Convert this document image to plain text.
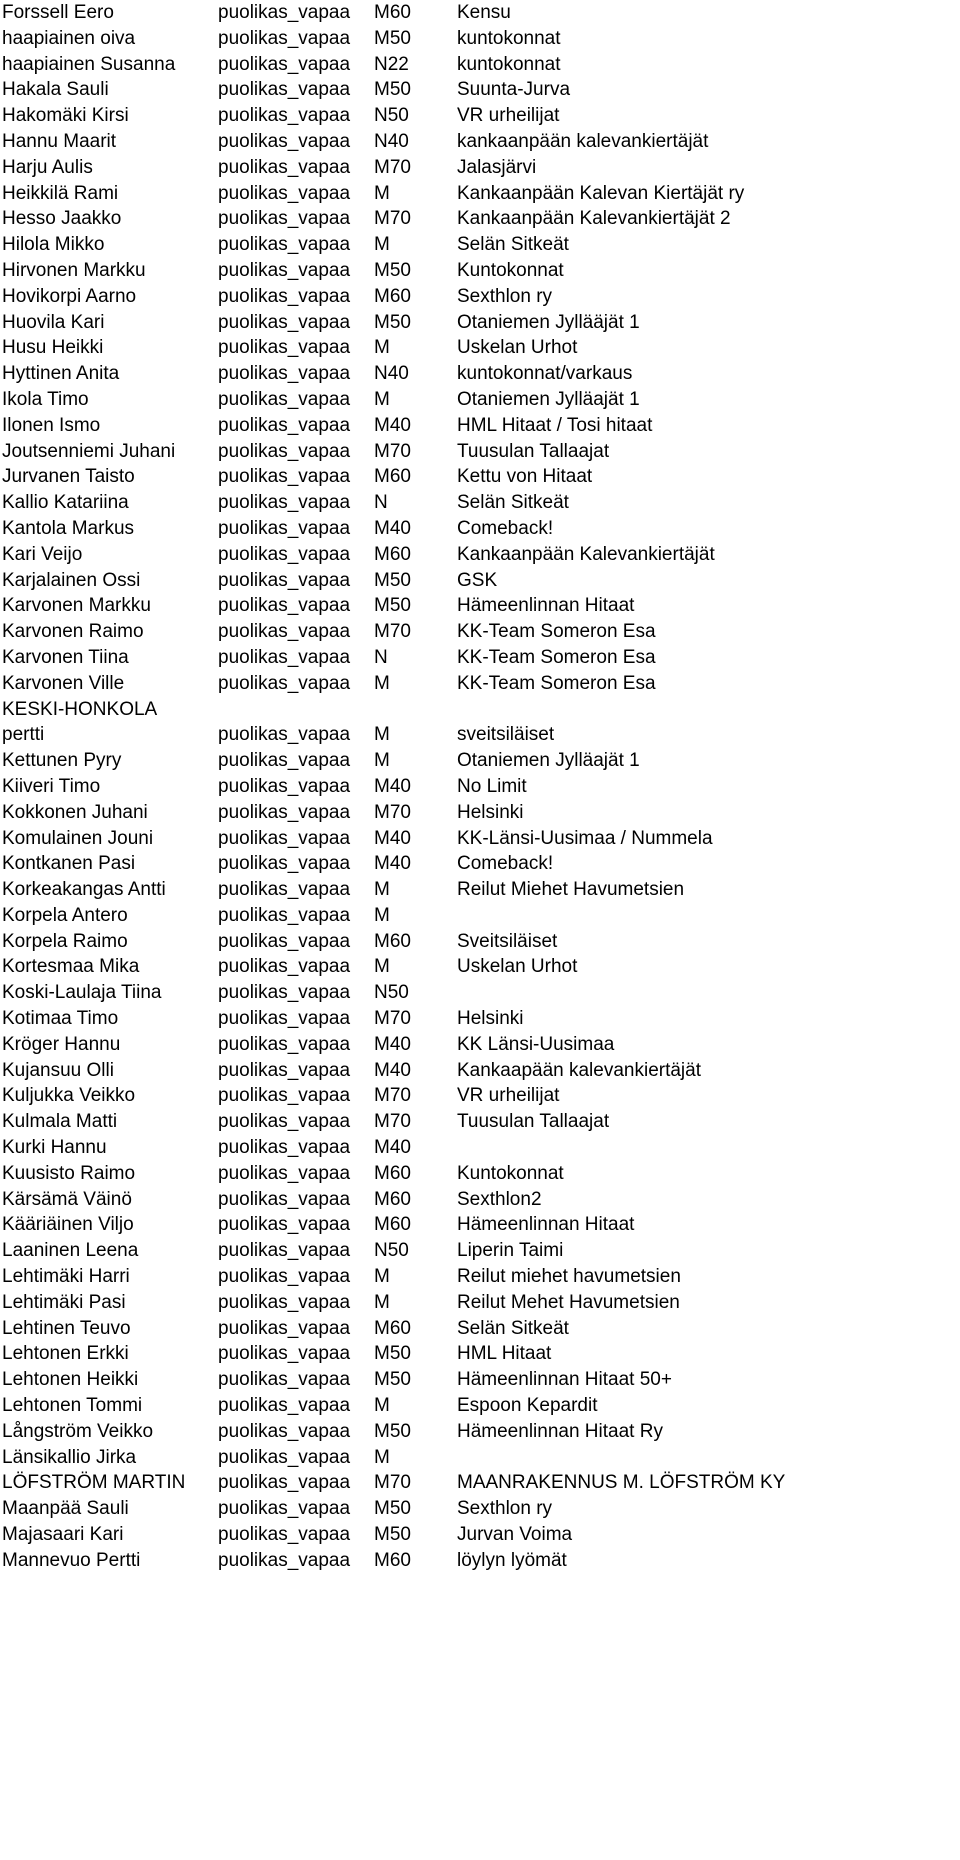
Forssell Eero	puolikas_vapaa M60 Kensu
haapiainen oiva	puolikas_vapaa M50 kuntokonnat
haapiainen Susanna puolikas_vapaa N22	kuntokonnat
Hakala Sauli	puolikas_vapaa M50 Suunta-Jurva
Hakomäki Kirsi	puolikas_vapaa N50	VR urheilijat
Hannu Maarit	puolikas_vapaa N40	kankaanpään kalevankiertäjät
Harju Aulis	puolikas_vapaa M70 Jalasjärvi
Heikkilä Rami	puolikas_vapaa M	Kankaanpään Kalevan Kiertäjät ry
Hesso Jaakko	puolikas_vapaa M70 Kankaanpään Kalevankiertäjät 2
Hilola Mikko	puolikas_vapaa M	Selän Sitkeät
Hirvonen Markku	puolikas_vapaa M50 Kuntokonnat
Hovikorpi Aarno	puolikas_vapaa M60 Sexthlon ry
Huovila Kari	puolikas_vapaa M50 Otaniemen Jyllääjät 1
Husu Heikki	puolikas_vapaa M	Uskelan Urhot
Hyttinen Anita	puolikas_vapaa N40	kuntokonnat/varkaus
Ikola Timo	puolikas_vapaa M	Otaniemen Jylläajät 1
Ilonen Ismo	puolikas_vapaa M40 HML Hitaat / Tosi hitaat
Joutsenniemi Juhani puolikas_vapaa M70 Tuusulan Tallaajat
Jurvanen Taisto	puolikas_vapaa M60 Kettu von Hitaat
Kallio Katariina	puolikas_vapaa N	Selän Sitkeät
Kantola Markus	puolikas_vapaa M40 Comeback!
Kari Veijo	puolikas_vapaa M60 Kankaanpään Kalevankiertäjät
Karjalainen Ossi	puolikas_vapaa M50 GSK
Karvonen Markku	puolikas_vapaa M50 Hämeenlinnan Hitaat
Karvonen Raimo	puolikas_vapaa M70 KK-Team Someron Esa
Karvonen Tiina	puolikas_vapaa N	KK-Team Someron Esa
Karvonen Ville	puolikas_vapaa M	KK-Team Someron Esa
KESKI-HONKOLA
pertti	puolikas_vapaa M	sveitsiläiset
Kettunen Pyry	puolikas_vapaa M	Otaniemen Jylläajät 1
Kiiveri Timo	puolikas_vapaa M40 No Limit
Kokkonen Juhani	puolikas_vapaa M70 Helsinki
Komulainen Jouni	puolikas_vapaa M40 KK-Länsi-Uusimaa / Nummela
Kontkanen Pasi	puolikas_vapaa M40 Comeback!
Korkeakangas Antti	puolikas_vapaa M	Reilut Miehet Havumetsien
Korpela Antero	puolikas_vapaa M
Korpela Raimo	puolikas_vapaa M60 Sveitsiläiset
Kortesmaa Mika	puolikas_vapaa M	Uskelan Urhot
Koski-Laulaja Tiina	puolikas_vapaa N50
Kotimaa Timo	puolikas_vapaa M70 Helsinki
Kröger Hannu	puolikas_vapaa M40 KK Länsi-Uusimaa
Kujansuu Olli	puolikas_vapaa M40 Kankaapään kalevankiertäjät
Kuljukka Veikko	puolikas_vapaa M70 VR urheilijat
Kulmala Matti	puolikas_vapaa M70 Tuusulan Tallaajat
Kurki Hannu	puolikas_vapaa M40
Kuusisto Raimo	puolikas_vapaa M60 Kuntokonnat
Kärsämä Väinö	puolikas_vapaa M60 Sexthlon2
Kääriäinen Viljo	puolikas_vapaa M60 Hämeenlinnan Hitaat
Laaninen Leena	puolikas_vapaa N50	Liperin Taimi
Lehtimäki Harri	puolikas_vapaa M	Reilut miehet havumetsien
Lehtimäki Pasi	puolikas_vapaa M	Reilut Mehet Havumetsien
Lehtinen Teuvo	puolikas_vapaa M60 Selän Sitkeät
Lehtonen Erkki	puolikas_vapaa M50 HML Hitaat
Lehtonen Heikki	puolikas_vapaa M50 Hämeenlinnan Hitaat 50+
Lehtonen Tommi	puolikas_vapaa M	Espoon Kepardit
Långström Veikko	puolikas_vapaa M50 Hämeenlinnan Hitaat Ry
Länsikallio Jirka	puolikas_vapaa M
LÖFSTRÖM MARTIN puolikas_vapaa M70 MAANRAKENNUS M. LÖFSTRÖM KY
Maanpää Sauli	puolikas_vapaa M50 Sexthlon ry
Majasaari Kari	puolikas_vapaa M50 Jurvan Voima
Mannevuo Pertti	puolikas_vapaa M60 löylyn lyömät
